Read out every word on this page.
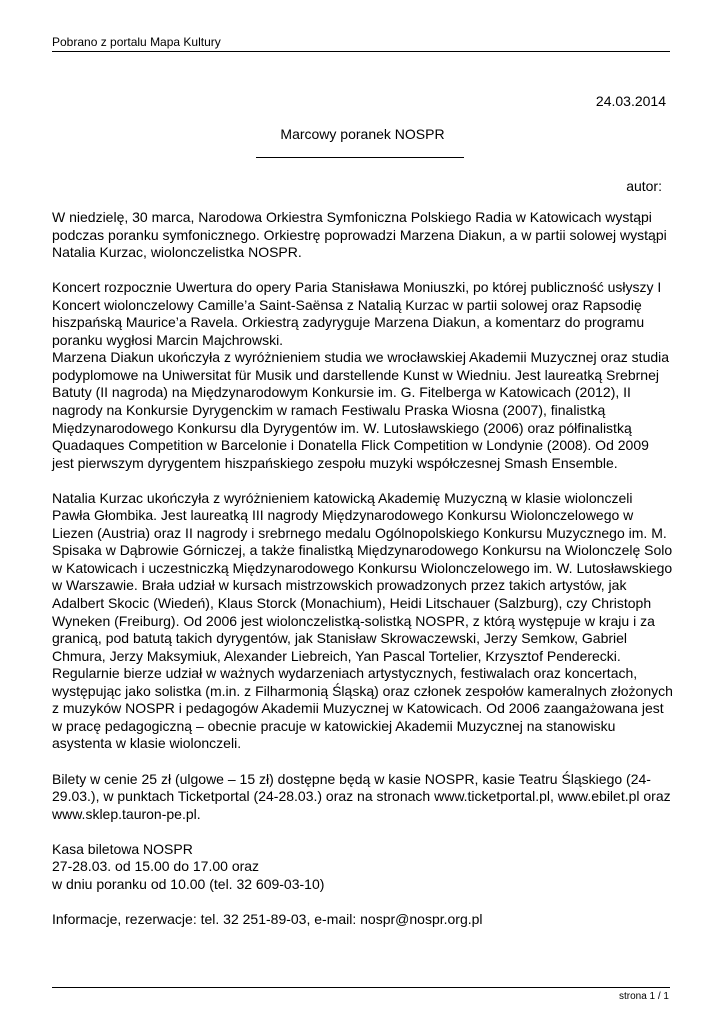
Pobrano z portalu Mapa Kultury
24.03.2014
Marcowy poranek NOSPR
autor:

W niedzielę, 30 marca, Narodowa Orkiestra Symfoniczna Polskiego Radia w Katowicach wystąpi podczas poranku symfonicznego. Orkiestrę poprowadzi Marzena Diakun, a w partii solowej wystąpi Natalia Kurzac, wiolonczelistka NOSPR.

Koncert rozpocznie Uwertura do opery Paria Stanisława Moniuszki, po której publiczność usłyszy I Koncert wiolonczelowy Camille’a Saint-Saënsa z Natalią Kurzac w partii solowej oraz Rapsodię hiszpańską Maurice’a Ravela. Orkiestrą zadyryguje Marzena Diakun, a komentarz do programu poranku wygłosi Marcin Majchrowski.

Marzena Diakun ukończyła z wyróżnieniem studia we wrocławskiej Akademii Muzycznej oraz studia podyplomowe na Uniwersitat für Musik und darstellende Kunst w Wiedniu. Jest laureatką Srebrnej Batuty (II nagroda) na Międzynarodowym Konkursie im. G. Fitelberga w Katowicach (2012), II nagrody na Konkursie Dyrygenckim w ramach Festiwalu Praska Wiosna (2007), finalistką Międzynarodowego Konkursu dla Dyrygentów im. W. Lutosławskiego (2006) oraz półfinalistką Quadaques Competition w Barcelonie i Donatella Flick Competition w Londynie (2008). Od 2009 jest pierwszym dyrygentem hiszpańskiego zespołu muzyki współczesnej Smash Ensemble.

Natalia Kurzac ukończyła z wyróżnieniem katowicką Akademię Muzyczną w klasie wiolonczeli Pawła Głombika. Jest laureatką III nagrody Międzynarodowego Konkursu Wiolonczelowego w Liezen (Austria) oraz II nagrody i srebrnego medalu Ogólnopolskiego Konkursu Muzycznego im. M. Spisaka w Dąbrowie Górniczej, a także finalistką Międzynarodowego Konkursu na Wiolonczelę Solo w Katowicach i uczestniczką Międzynarodowego Konkursu Wiolonczelowego im. W. Lutosławskiego w Warszawie. Brała udział w kursach mistrzowskich prowadzonych przez takich artystów, jak Adalbert Skocic (Wiedeń), Klaus Storck (Monachium), Heidi Litschauer (Salzburg), czy Christoph Wyneken (Freiburg). Od 2006 jest wiolonczelistką-solistką NOSPR, z którą występuje w kraju i za granicą, pod batutą takich dyrygentów, jak Stanisław Skrowaczewski, Jerzy Semkow, Gabriel Chmura, Jerzy Maksymiuk, Alexander Liebreich, Yan Pascal Tortelier, Krzysztof Penderecki. Regularnie bierze udział w ważnych wydarzeniach artystycznych, festiwalach oraz koncertach, występując jako solistka (m.in. z Filharmonią Śląską) oraz członek zespołów kameralnych złożonych z muzyków NOSPR i pedagogów Akademii Muzycznej w Katowicach. Od 2006 zaangażowana jest w pracę pedagogiczną – obecnie pracuje w katowickiej Akademii Muzycznej na stanowisku asystenta w klasie wiolonczeli.

Bilety w cenie 25 zł (ulgowe – 15 zł) dostępne będą w kasie NOSPR, kasie Teatru Śląskiego (24-29.03.), w punktach Ticketportal (24-28.03.) oraz na stronach www.ticketportal.pl, www.ebilet.pl oraz www.sklep.tauron-pe.pl.

Kasa biletowa NOSPR

27-28.03. od 15.00 do 17.00 oraz

w dniu poranku od 10.00 (tel. 32 609-03-10)

Informacje, rezerwacje: tel. 32 251-89-03, e-mail: nospr@nospr.org.pl

strona 1 / 1
